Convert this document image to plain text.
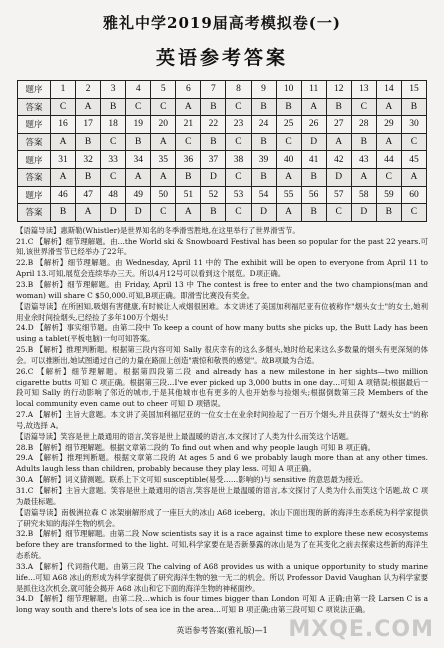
雅礼中学2019届高考模拟卷(一)
英语参考答案
题序	1	2	3	4	5	6	7	8	9	10	11	12	13	14	15
答案	C	A	B	C	C	A	B	C	B	B	A	B	C	A	B
题序	16	17	18	19	20	21	22	23	24	25	26	27	28	29	30
答案	A	B	C	B	A	C	B	C	B	C	D	A	B	A	C
题序	31	32	33	34	35	36	37	38	39	40	41	42	43	44	45
答案	A	B	C	A	A	B	D	C	B	A	B	D	A	C	A
题序	46	47	48	49	50	51	52	53	54	55	56	57	58	59	60
答案	B	A	D	D	C	A	B	C	D	A	B	C	D	B	C

【语篇导读】惠斯勒(Whistler)是世界知名的冬季滑雪胜地,在这里举行了世界滑雪节。

21.C 【解析】细节理解题。由…the World ski & Snowboard Festival has been so popular for the past 22 years.可知,该世界滑雪节已经举办了22年。

22.B 【解析】细节理解题。由 Wednesday, April 11 中的 The exhibit will be open to everyone from April 11 to April 13.可知,展览会连续举办三天。所以4月12号可以看到这个展览。D项正确。

23.B 【解析】细节理解题。由 Friday, April 13 中 The contest is free to enter and the two champions(man and woman) will share C $50,000.可知,B项正确。即滑雪比赛没有奖金。

【语篇导读】在所困知,吸烟有害健康,有时候让人戒烟很困难。本文讲述了美国加利福尼亚有位被称作"烟头女士"的女士,她利用业余时间捡烟头,已经捡了多年100万个烟头!

24.D 【解析】事实细节题。由第二段中 To keep a count of how many butts she picks up, the Butt Lady has been using a tablet(平板电脑)一句可知答案。

25.B 【解析】推理判断题。根据第三段内容可知 Sally 很庆幸有的这么多烟头,她时给起来这么多数量的烟头有更深刻的体会。可以推断出,她试图通过自己的力量在路面上创造"震惊和敬畏的感觉"。故B项最为合适。

26.C 【解析】细节理解题。根据第四段第二段 and already has a new milestone in her sights—two million cigarette butts 可知 C 项正确。根据第三段…I've ever picked up 3,000 butts in one day…可知 A 项错误;根据最后一段可知 Sally 的行动影响了邻近的城市,于是其他城市也有更多的人也开始参与捡烟头;根据倒数第三段 Members of the local community even came out to cheer 可知 D 项错误。

27.A 【解析】主旨大意题。本文讲了美国加利福尼亚的一位女士在业余时间捡起了一百万个烟头,并且获得了"烟头女士"的称号,故选择 A。

【语篇导读】笑容是世上最通用的语言,笑容是世上最温暖的语言,本文探讨了人类为什么而笑这个话题。

28.B 【解析】细节理解题。根据文章第二段的 To find out when and why people laugh 可知 B 项正确。

29.A 【解析】推理判断题。根据文章第二段的 At ages 5 and 6 we probably laugh more than at any other times. Adults laugh less than children, probably because they play less. 可知 A 项正确。

30.A 【解析】词义猜测题。联系上下文可知 susceptible(易受……影响的)与 sensitive 的意思最为接近。

31.C 【解析】主旨大意题。笑容是世上最通用的语言,笑容是世上最温暖的语言,本文探讨了人类为什么而笑这个话题,故 C 项为最佳标题。

【语篇导读】南极洲拉森 C 冰架崩解形成了一座巨大的冰山 A68 iceberg。冰山下面出现的新的海洋生态系统为科学家提供了研究未知的海洋生物的机会。

32.B 【解析】细节理解题。由第二段 Now scientists say it is a race against time to explore these new ecosystems before they are transformed to the light. 可知,科学家要在是否新暴露的冰山是为了在其变化之前去探索这些新的海洋生态系统。

33.A 【解析】代词指代题。由第三段 The calving of A68 provides us with a unique opportunity to study marine life…可知 A68 冰山的形成为科学家提供了研究海洋生物的独一无二的机会。所以 Professor David Vaughan 认为科学家要是抓住这次机会,就可能会揭开 A68 冰山和它下面的海洋生物的神秘面纱。

34.D 【解析】细节理解题。由第二段…which is four times bigger than London 可知 A 正确;由第一段 Larsen C is a long way south and there's lots of sea ice in the area…可知 B 项正确;由第三段可知 C 项说法正确。

英语参考答案(雅礼版)—1 MXQE.COM
